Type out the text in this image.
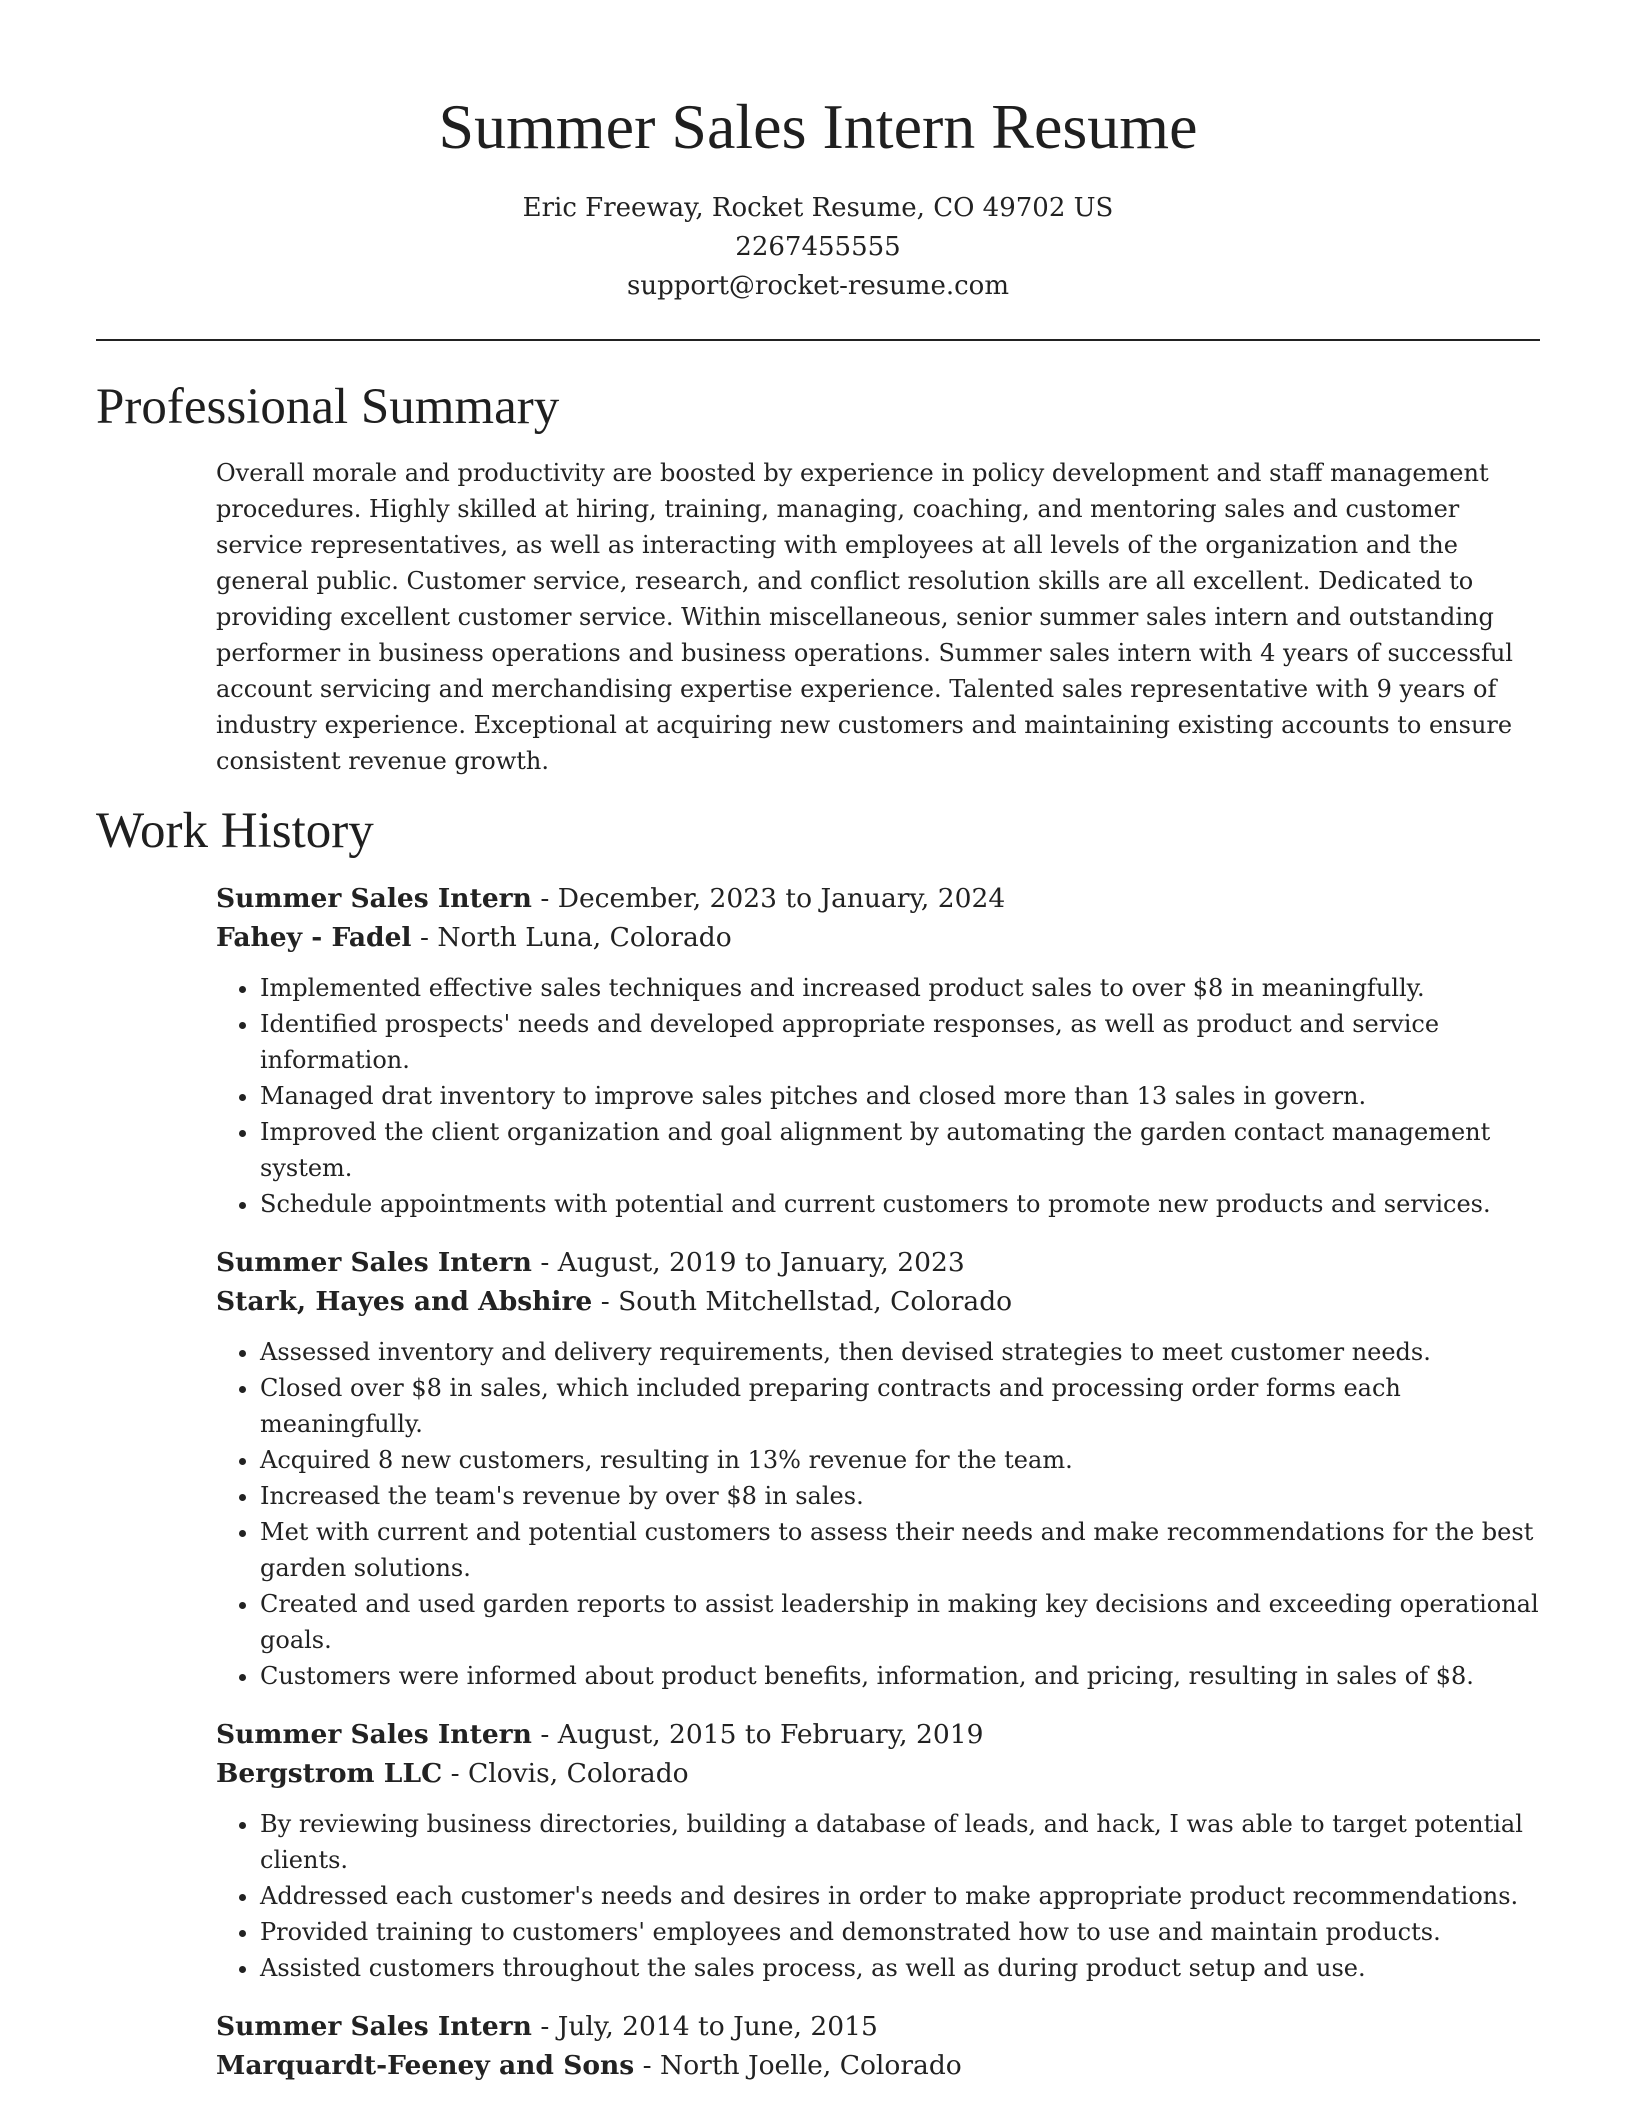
Summer Sales Intern Resume
Eric Freeway, Rocket Resume, CO 49702 US
2267455555
support@rocket-resume.com
Professional Summary

Overall morale and productivity are boosted by experience in policy development and staff management procedures. Highly skilled at hiring, training, managing, coaching, and mentoring sales and customer service representatives, as well as interacting with employees at all levels of the organization and the general public. Customer service, research, and conflict resolution skills are all excellent. Dedicated to providing excellent customer service. Within miscellaneous, senior summer sales intern and outstanding performer in business operations and business operations. Summer sales intern with 4 years of successful account servicing and merchandising expertise experience. Talented sales representative with 9 years of industry experience. Exceptional at acquiring new customers and maintaining existing accounts to ensure consistent revenue growth.

Work History
Summer Sales Intern - December, 2023 to January, 2024
Fahey - Fadel - North Luna, Colorado
• Implemented effective sales techniques and increased product sales to over $8 in meaningfully.
• Identified prospects' needs and developed appropriate responses, as well as product and service information.
• Managed drat inventory to improve sales pitches and closed more than 13 sales in govern.
• Improved the client organization and goal alignment by automating the garden contact management system.
• Schedule appointments with potential and current customers to promote new products and services.
Summer Sales Intern - August, 2019 to January, 2023
Stark, Hayes and Abshire - South Mitchellstad, Colorado
• Assessed inventory and delivery requirements, then devised strategies to meet customer needs.
• Closed over $8 in sales, which included preparing contracts and processing order forms each meaningfully.
• Acquired 8 new customers, resulting in 13% revenue for the team.
• Increased the team's revenue by over $8 in sales.
• Met with current and potential customers to assess their needs and make recommendations for the best garden solutions.
• Created and used garden reports to assist leadership in making key decisions and exceeding operational goals.
• Customers were informed about product benefits, information, and pricing, resulting in sales of $8.
Summer Sales Intern - August, 2015 to February, 2019
Bergstrom LLC - Clovis, Colorado
• By reviewing business directories, building a database of leads, and hack, I was able to target potential clients.
• Addressed each customer's needs and desires in order to make appropriate product recommendations.
• Provided training to customers' employees and demonstrated how to use and maintain products.
• Assisted customers throughout the sales process, as well as during product setup and use.
Summer Sales Intern - July, 2014 to June, 2015
Marquardt-Feeney and Sons - North Joelle, Colorado
